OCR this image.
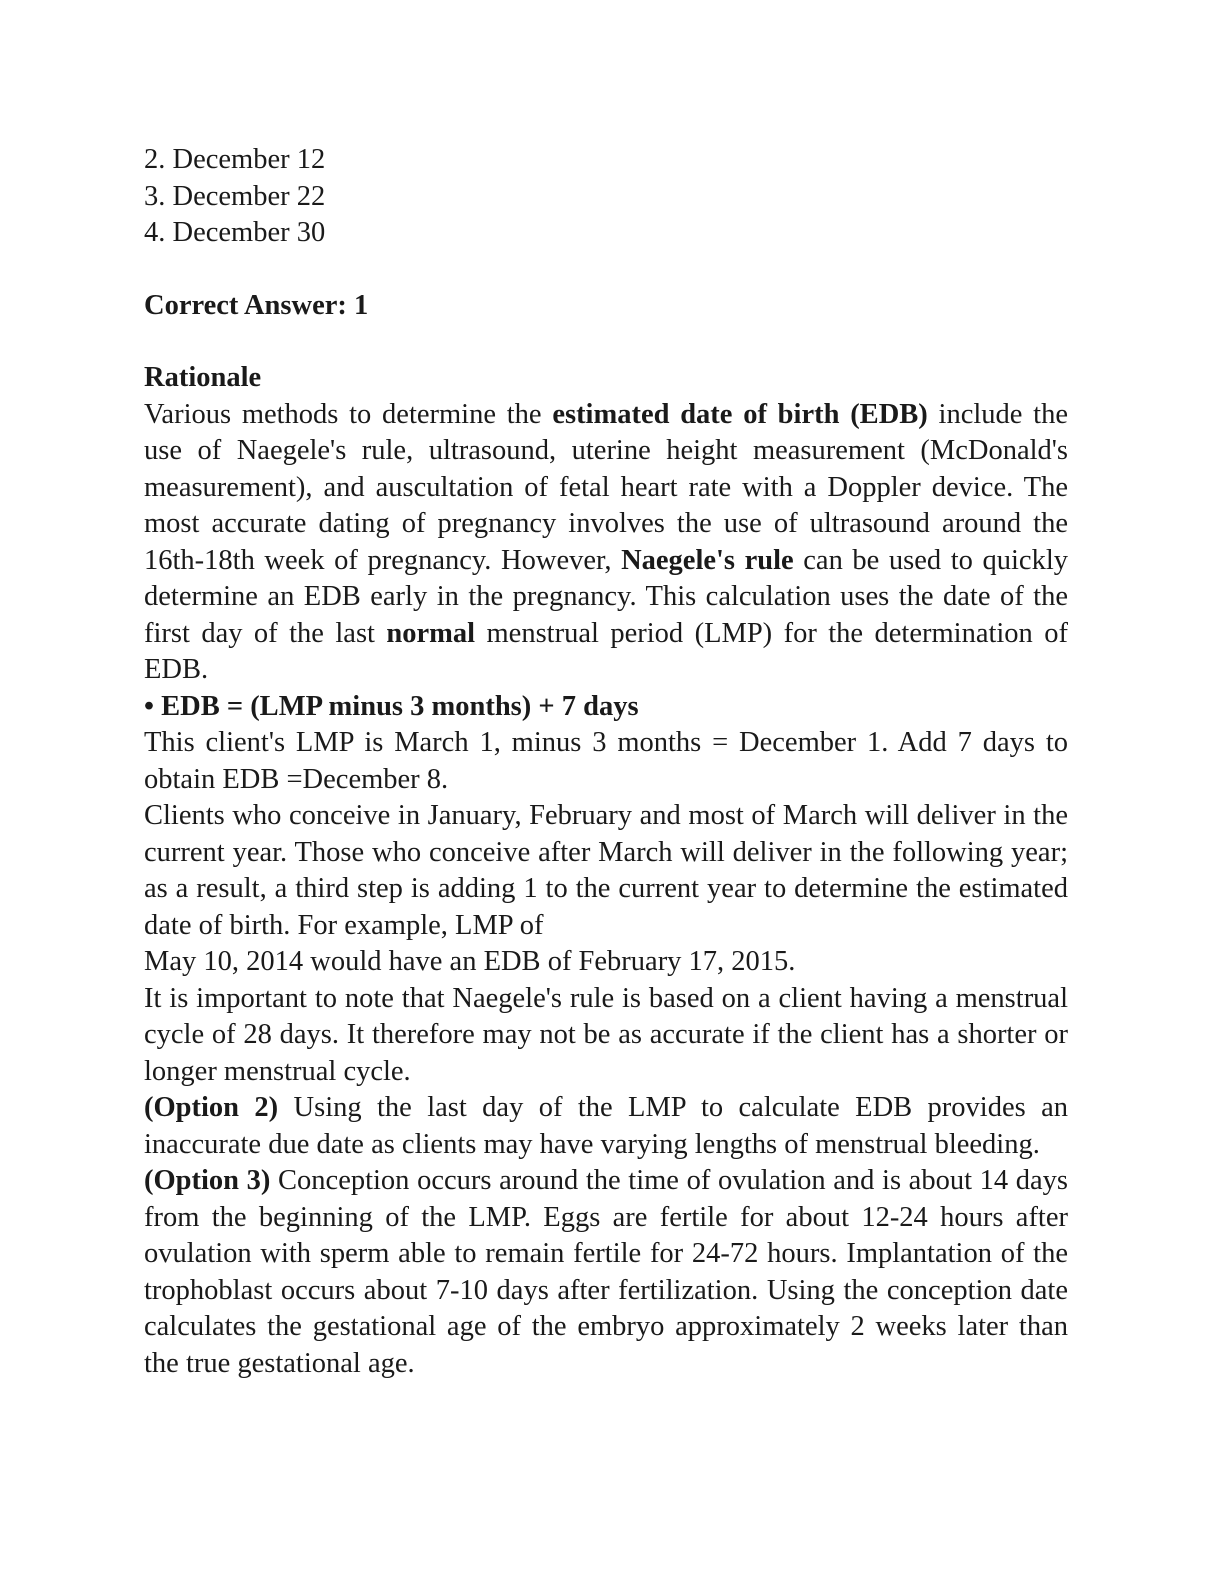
2. December 12
3. December 22
4. December 30
Correct Answer: 1
Rationale

Various methods to determine the estimated date of birth (EDB) include the use of Naegele's rule, ultrasound, uterine height measurement (McDonald's measurement), and auscultation of fetal heart rate with a Doppler device. The most accurate dating of pregnancy involves the use of ultrasound around the 16th-18th week of pregnancy. However, Naegele's rule can be used to quickly determine an EDB early in the pregnancy. This calculation uses the date of the first day of the last normal menstrual period (LMP) for the determination of EDB.

• EDB = (LMP minus 3 months) + 7 days

This client's LMP is March 1, minus 3 months = December 1. Add 7 days to obtain EDB =December 8.

Clients who conceive in January, February and most of March will deliver in the current year. Those who conceive after March will deliver in the following year; as a result, a third step is adding 1 to the current year to determine the estimated date of birth. For example, LMP of

May 10, 2014 would have an EDB of February 17, 2015.

It is important to note that Naegele's rule is based on a client having a menstrual cycle of 28 days. It therefore may not be as accurate if the client has a shorter or longer menstrual cycle.

(Option 2) Using the last day of the LMP to calculate EDB provides an inaccurate due date as clients may have varying lengths of menstrual bleeding.

(Option 3) Conception occurs around the time of ovulation and is about 14 days from the beginning of the LMP. Eggs are fertile for about 12-24 hours after ovulation with sperm able to remain fertile for 24-72 hours. Implantation of the trophoblast occurs about 7-10 days after fertilization. Using the conception date calculates the gestational age of the embryo approximately 2 weeks later than the true gestational age.
